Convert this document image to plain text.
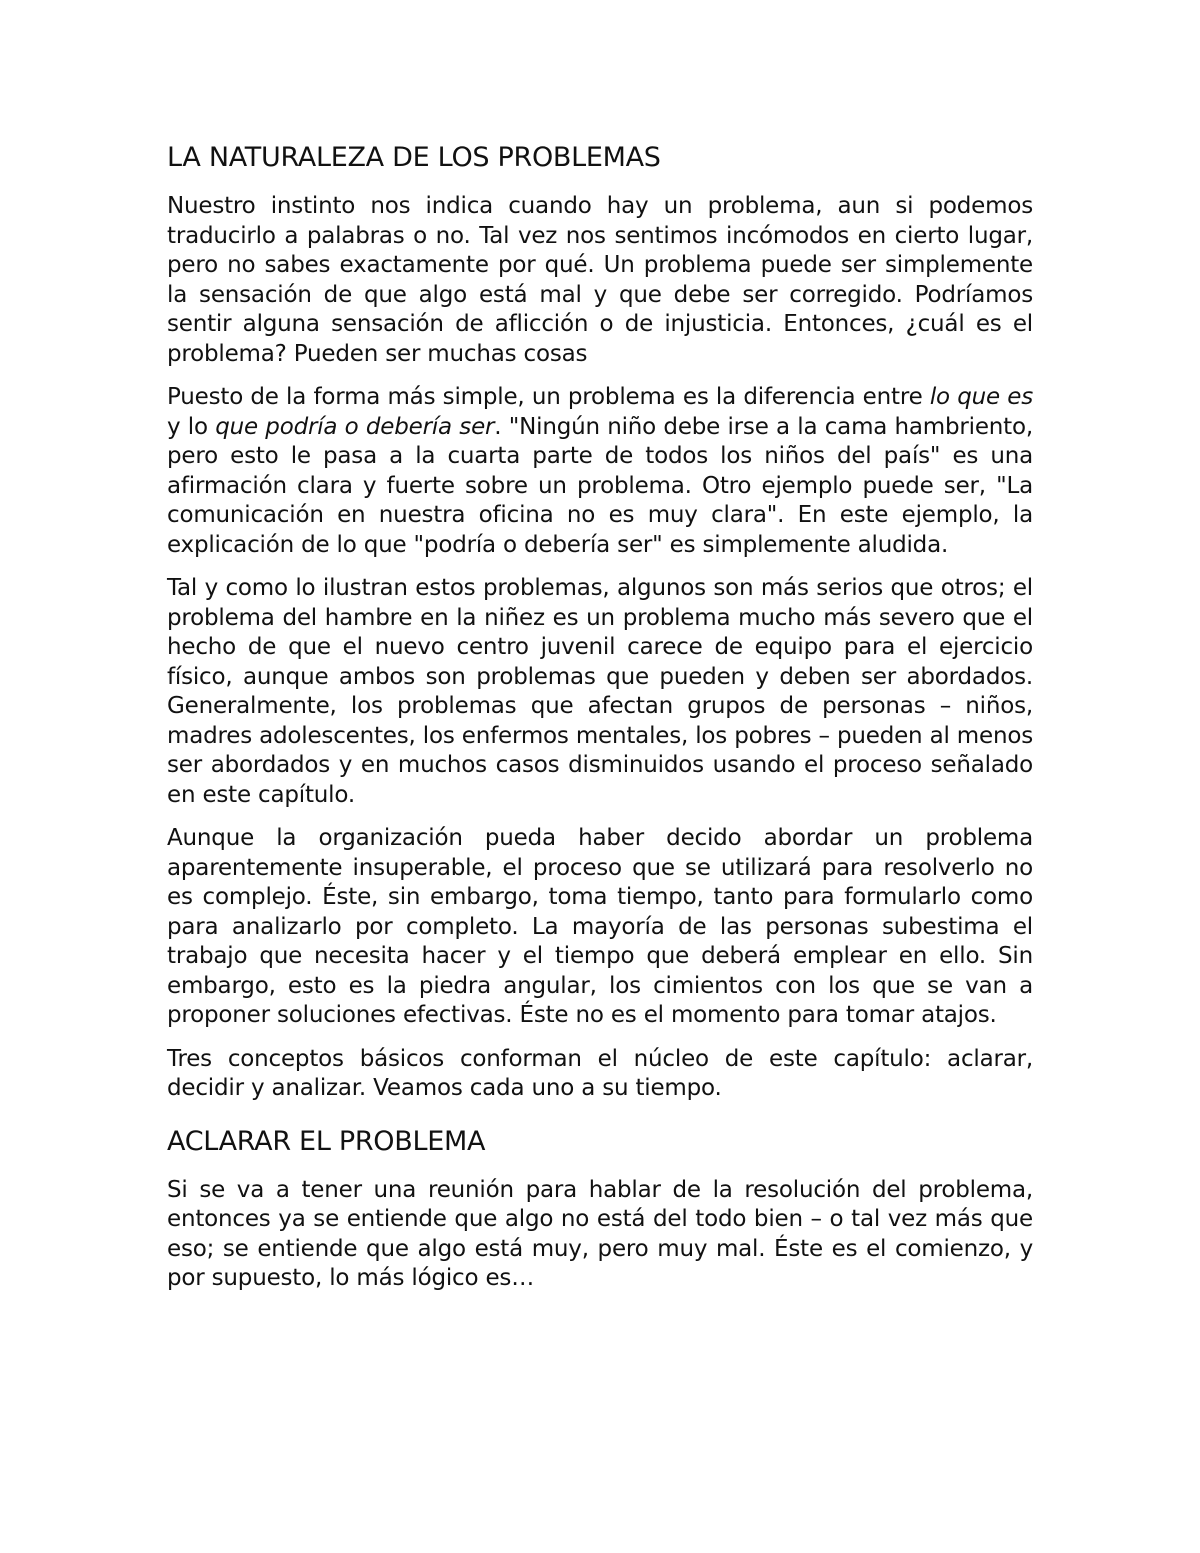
LA NATURALEZA DE LOS PROBLEMAS

Nuestro instinto nos indica cuando hay un problema, aun si podemos traducirlo a palabras o no. Tal vez nos sentimos incómodos en cierto lugar, pero no sabes exactamente por qué. Un problema puede ser simplemente la sensación de que algo está mal y que debe ser corregido. Podríamos sentir alguna sensación de aflicción o de injusticia. Entonces, ¿cuál es el problema? Pueden ser muchas cosas

Puesto de la forma más simple, un problema es la diferencia entre lo que es y lo que podría o debería ser. "Ningún niño debe irse a la cama hambriento, pero esto le pasa a la cuarta parte de todos los niños del país" es una afirmación clara y fuerte sobre un problema. Otro ejemplo puede ser, "La comunicación en nuestra oficina no es muy clara". En este ejemplo, la explicación de lo que "podría o debería ser" es simplemente aludida.

Tal y como lo ilustran estos problemas, algunos son más serios que otros; el problema del hambre en la niñez es un problema mucho más severo que el hecho de que el nuevo centro juvenil carece de equipo para el ejercicio físico, aunque ambos son problemas que pueden y deben ser abordados. Generalmente, los problemas que afectan grupos de personas – niños, madres adolescentes, los enfermos mentales, los pobres – pueden al menos ser abordados y en muchos casos disminuidos usando el proceso señalado en este capítulo.

Aunque la organización pueda haber decido abordar un problema aparentemente insuperable, el proceso que se utilizará para resolverlo no es complejo. Éste, sin embargo, toma tiempo, tanto para formularlo como para analizarlo por completo. La mayoría de las personas subestima el trabajo que necesita hacer y el tiempo que deberá emplear en ello. Sin embargo, esto es la piedra angular, los cimientos con los que se van a proponer soluciones efectivas. Éste no es el momento para tomar atajos.

Tres conceptos básicos conforman el núcleo de este capítulo: aclarar, decidir y analizar. Veamos cada uno a su tiempo.

ACLARAR EL PROBLEMA

Si se va a tener una reunión para hablar de la resolución del problema, entonces ya se entiende que algo no está del todo bien – o tal vez más que eso; se entiende que algo está muy, pero muy mal. Éste es el comienzo, y por supuesto, lo más lógico es…
